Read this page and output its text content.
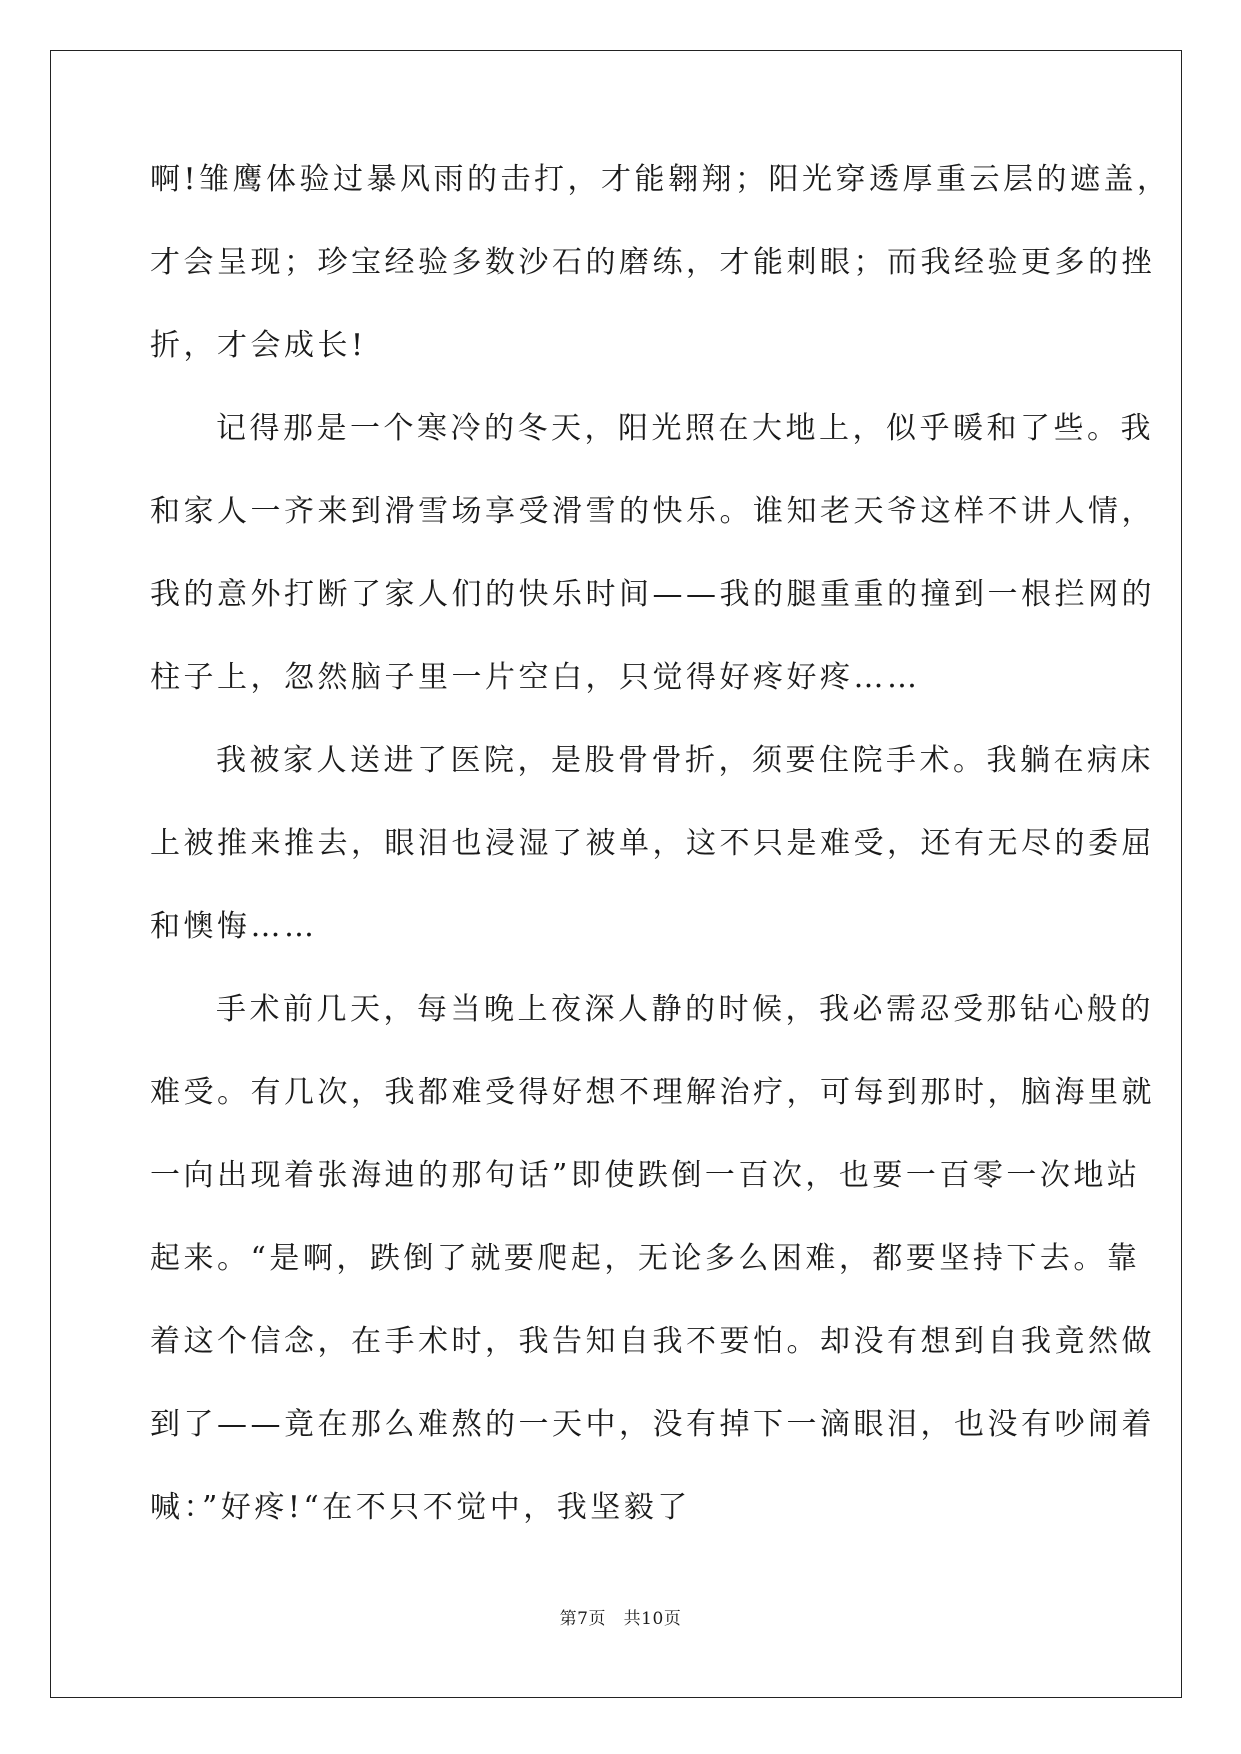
啊!雏鹰体验过暴风雨的击打，才能翱翔；阳光穿透厚重云层的遮盖，
才会呈现；珍宝经验多数沙石的磨练，才能刺眼；而我经验更多的挫
折，才会成长!
记得那是一个寒冷的冬天，阳光照在大地上，似乎暖和了些。我
和家人一齐来到滑雪场享受滑雪的快乐。谁知老天爷这样不讲人情，
我的意外打断了家人们的快乐时间——我的腿重重的撞到一根拦网的
柱子上，忽然脑子里一片空白，只觉得好疼好疼……
我被家人送进了医院，是股骨骨折，须要住院手术。我躺在病床
上被推来推去，眼泪也浸湿了被单，这不只是难受，还有无尽的委屈
和懊悔……
手术前几天，每当晚上夜深人静的时候，我必需忍受那钻心般的
难受。有几次，我都难受得好想不理解治疗，可每到那时，脑海里就
一向出现着张海迪的那句话”即使跌倒一百次，也要一百零一次地站
起来。“是啊，跌倒了就要爬起，无论多么困难，都要坚持下去。靠
着这个信念，在手术时，我告知自我不要怕。却没有想到自我竟然做
到了——竟在那么难熬的一天中，没有掉下一滴眼泪，也没有吵闹着
喊：”好疼!“在不只不觉中，我坚毅了
第7页   共10页
